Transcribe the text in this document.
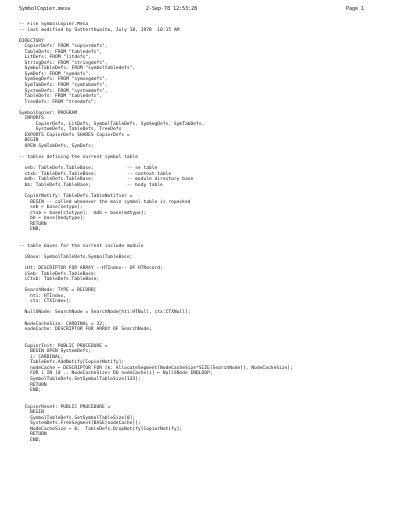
SymbolCopier.mesa	2-Sep-78 12:53:28	Page 1
-- File SymbolCopier.Mesa
-- last modified by Satterthwaite, July 18, 1978  10:15 AM
DIRECTORY
CopierDefs: FROM "copierdefs",
TableDefs: FROM "tabledefs",
LitDefs: FROM "litdefs",
StringDefs: FROM "stringdefs",
SymbolTableDefs: FROM "symboltabledefs",
SymDefs: FROM "symdefs",
SymSegDefs: FROM "symsegdefs",
SymTabDefs: FROM "symtabdefs",
SystemDefs: FROM "systemdefs",
TableDefs: FROM "tabledefs",
TreeDefs: FROM "treedefs";
SymbolCopier: PROGRAM
IMPORTS
CopierDefs, LitDefs, SymbolTableDefs, SymSegDefs, SymTabDefs,
SystemDefs, TableDefs, TreeDefs
EXPORTS CopierDefs SHARES CopierDefs =
BEGIN
OPEN SymTabDefs, SymDefs;
-- tables defining the current symbol table
seb: TableDefs.TableBase;            -- se table
ctxb: TableDefs.TableBase;           -- context table
mdb: TableDefs.TableBase;            -- module directory base
bb: TableDefs.TableBase;             -- body table
CopierNotify: TableDefs.TableNotifier =
BEGIN -- called whenever the main symbol table is repacked
seb ← base[setype];
ctxb ← base[ctxtype];  mdb ← base[mdtype];
bb ← base[bodytype];
RETURN
END;
-- table bases for the current include module
iBase: SymbolTableDefs.SymbolTableBase;
iHt: DESCRIPTOR FOR ARRAY --HTIndex-- OF HTRecord;
iSeb: TableDefs.TableBase;
iCtxb: TableDefs.TableBase;
SearchNode: TYPE = RECORD[
hti: HTIndex,
ctx: CTXIndex];
NullSNode: SearchNode = SearchNode[hti:HTNull, ctx:CTXNull];
NodeCacheSize: CARDINAL = 32;
nodeCache: DESCRIPTOR FOR ARRAY OF SearchNode;
CopierInit: PUBLIC PROCEDURE =
BEGIN OPEN SystemDefs;
i: CARDINAL;
TableDefs.AddNotify[CopierNotify];
nodeCache ← DESCRIPTOR FOR [k: AllocateSegment[NodeCacheSize*SIZE[SearchNode]], NodeCacheSize];
FOR i IN [0 .. NodeCacheSize) DO nodeCache[i] ← NullSNode ENDLOOP;
SymbolTableDefs.SetSymbolTableSize[133];
RETURN
END;
CopierReset: PUBLIC PROCEDURE =
BEGIN
SymbolTableDefs.SetSymbolTableSize[0];
SystemDefs.FreeSegment[BASE[nodeCache]];
NodeCacheSize ← 0;  TableDefs.DropNotify[CopierNotify];
RETURN
END;
